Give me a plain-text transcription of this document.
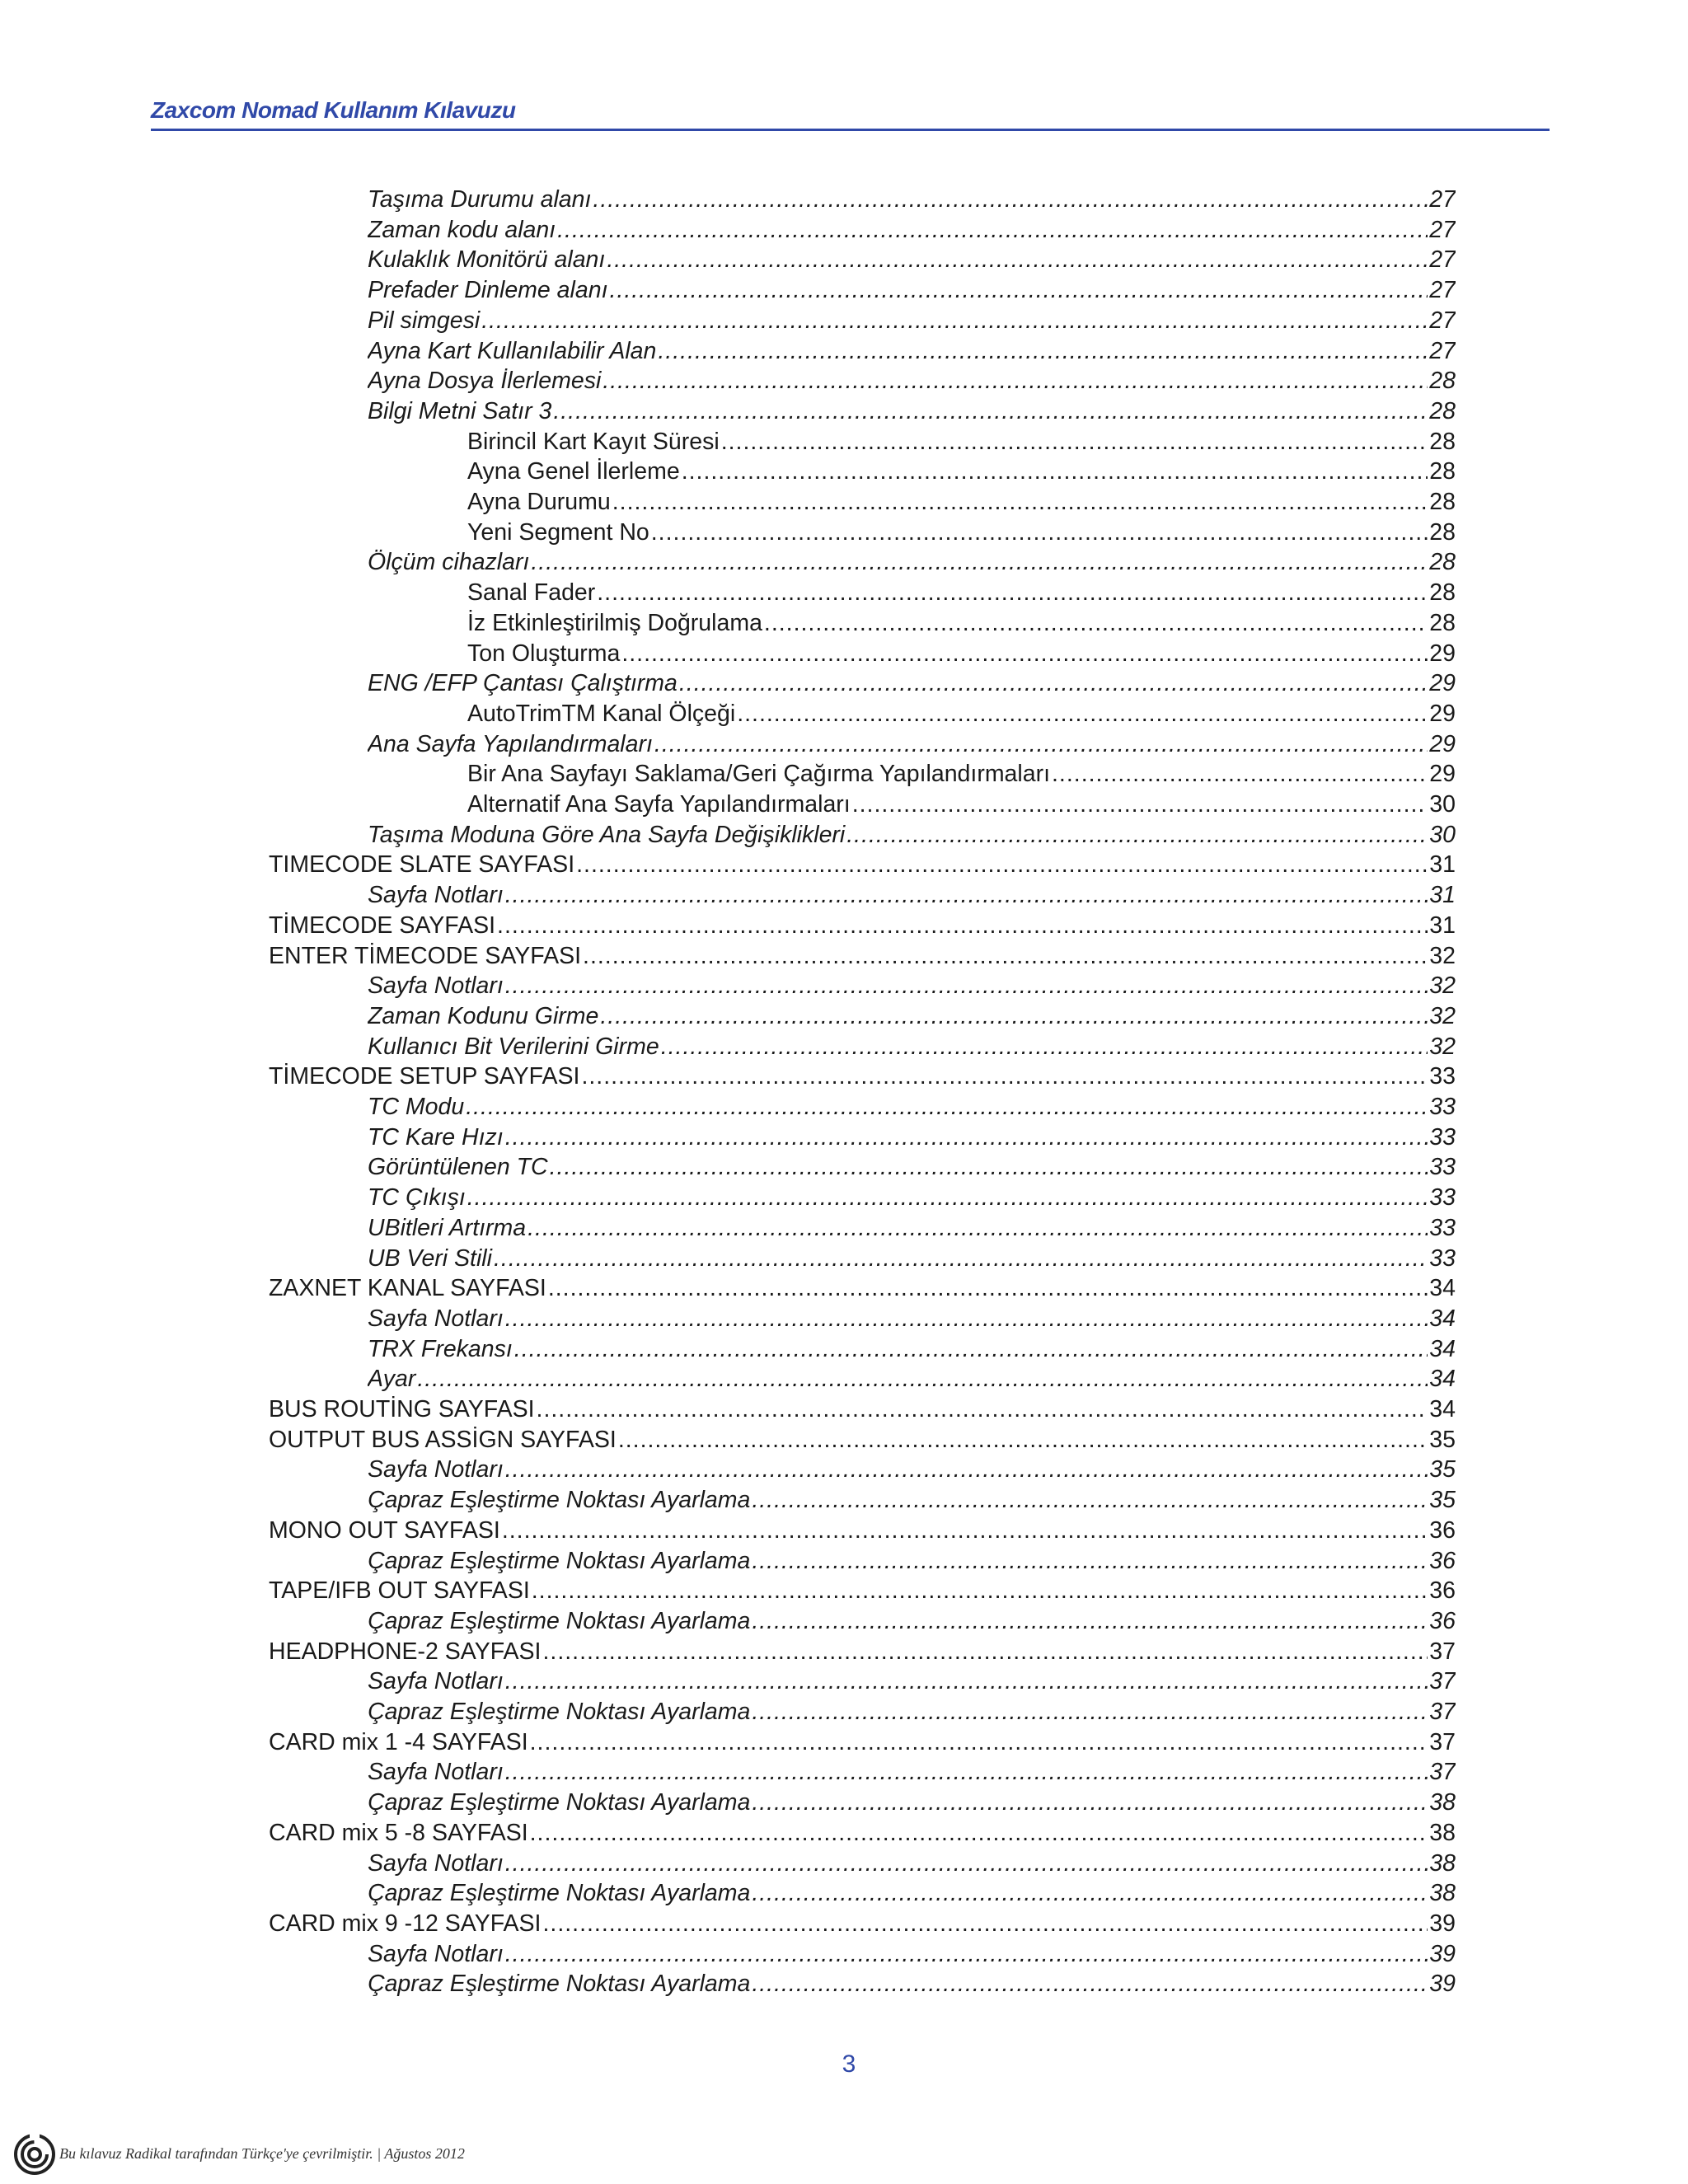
Zaxcom Nomad Kullanım Kılavuzu
Taşıma Durumu alanı .....	27
Zaman kodu alanı .....	27
Kulaklık Monitörü alanı .....	27
Prefader Dinleme alanı .....	27
Pil simgesi .....	27
Ayna Kart Kullanılabilir Alan .....	27
Ayna Dosya İlerlemesi .....	28
Bilgi Metni Satır 3 .....	28
Birincil Kart Kayıt Süresi .....	28
Ayna Genel İlerleme .....	28
Ayna Durumu .....	28
Yeni Segment No .....	28
Ölçüm cihazları .....	28
Sanal Fader .....	28
İz Etkinleştirilmiş Doğrulama .....	28
Ton Oluşturma .....	29
ENG /EFP Çantası Çalıştırma .....	29
AutoTrimTM Kanal Ölçeği .....	29
Ana Sayfa Yapılandırmaları .....	29
Bir Ana Sayfayı Saklama/Geri Çağırma Yapılandırmaları .....	29
Alternatif Ana Sayfa Yapılandırmaları .....	30
Taşıma Moduna Göre Ana Sayfa Değişiklikleri .....	30
TIMECODE SLATE SAYFASI .....	31
Sayfa Notları .....	31
TİMECODE SAYFASI .....	31
ENTER TİMECODE SAYFASI .....	32
Sayfa Notları .....	32
Zaman Kodunu Girme .....	32
Kullanıcı Bit Verilerini Girme .....	32
TİMECODE SETUP SAYFASI .....	33
TC Modu .....	33
TC Kare Hızı .....	33
Görüntülenen TC .....	33
TC Çıkışı .....	33
UBitleri Artırma .....	33
UB Veri Stili .....	33
ZAXNET KANAL SAYFASI .....	34
Sayfa Notları .....	34
TRX Frekansı .....	34
Ayar .....	34
BUS ROUTİNG SAYFASI .....	34
OUTPUT BUS ASSİGN SAYFASI .....	35
Sayfa Notları .....	35
Çapraz Eşleştirme Noktası Ayarlama .....	35
MONO OUT SAYFASI .....	36
Çapraz Eşleştirme Noktası Ayarlama .....	36
TAPE/IFB OUT SAYFASI .....	36
Çapraz Eşleştirme Noktası Ayarlama .....	36
HEADPHONE-2 SAYFASI .....	37
Sayfa Notları .....	37
Çapraz Eşleştirme Noktası Ayarlama .....	37
CARD mix 1 -4 SAYFASI .....	37
Sayfa Notları .....	37
Çapraz Eşleştirme Noktası Ayarlama .....	38
CARD mix 5 -8 SAYFASI .....	38
Sayfa Notları .....	38
Çapraz Eşleştirme Noktası Ayarlama .....	38
CARD mix 9 -12 SAYFASI .....	39
Sayfa Notları .....	39
Çapraz Eşleştirme Noktası Ayarlama .....	39
3
Bu kılavuz Radikal tarafından Türkçe'ye çevrilmiştir. | Ağustos 2012
